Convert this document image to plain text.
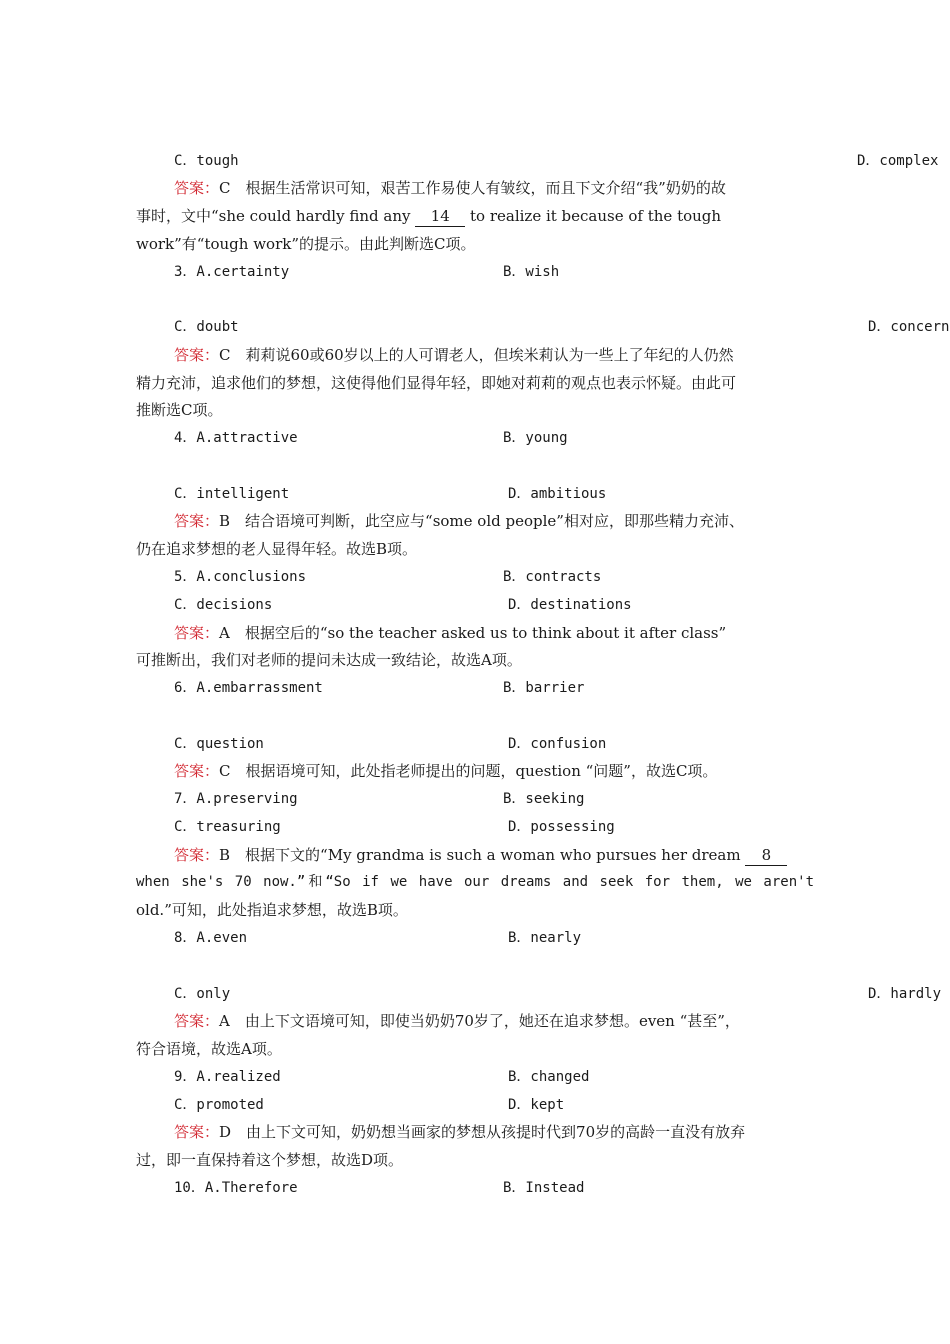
C．tough	D．complex
答案：C　根据生活常识可知，艰苦工作易使人有皱纹，而且下文介绍“我”奶奶的故
事时，文中“she could hardly find any 14 to realize it because of the tough
work”有“tough work”的提示。由此判断选C项。
3．A.certainty	B．wish
C．doubt	D．concern
答案：C　莉莉说60或60岁以上的人可谓老人，但埃米莉认为一些上了年纪的人仍然
精力充沛，追求他们的梦想，这使得他们显得年轻，即她对莉莉的观点也表示怀疑。由此可
推断选C项。
4．A.attractive	B．young
C．intelligent	D．ambitious
答案：B　结合语境可判断，此空应与“some old people”相对应，即那些精力充沛、
仍在追求梦想的老人显得年轻。故选B项。
5．A.conclusions	B．contracts
C．decisions	D．destinations
答案：A　根据空后的“so the teacher asked us to think about it after class”
可推断出，我们对老师的提问未达成一致结论，故选A项。
6．A.embarrassment	B．barrier
C．question	D．confusion
答案：C　根据语境可知，此处指老师提出的问题，question “问题”，故选C项。
7．A.preserving	B．seeking
C．treasuring	D．possessing
答案：B　根据下文的“My grandma is such a woman who pursues her dream 8
when she's 70 now.”和“So if we have our dreams and seek for them, we aren't
old.”可知，此处指追求梦想，故选B项。
8．A.even	B．nearly
C．only	D．hardly
答案：A　由上下文语境可知，即使当奶奶70岁了，她还在追求梦想。even “甚至”，
符合语境，故选A项。
9．A.realized	B．changed
C．promoted	D．kept
答案：D　由上下文可知，奶奶想当画家的梦想从孩提时代到70岁的高龄一直没有放弃
过，即一直保持着这个梦想，故选D项。
10．A.Therefore	B．Instead
